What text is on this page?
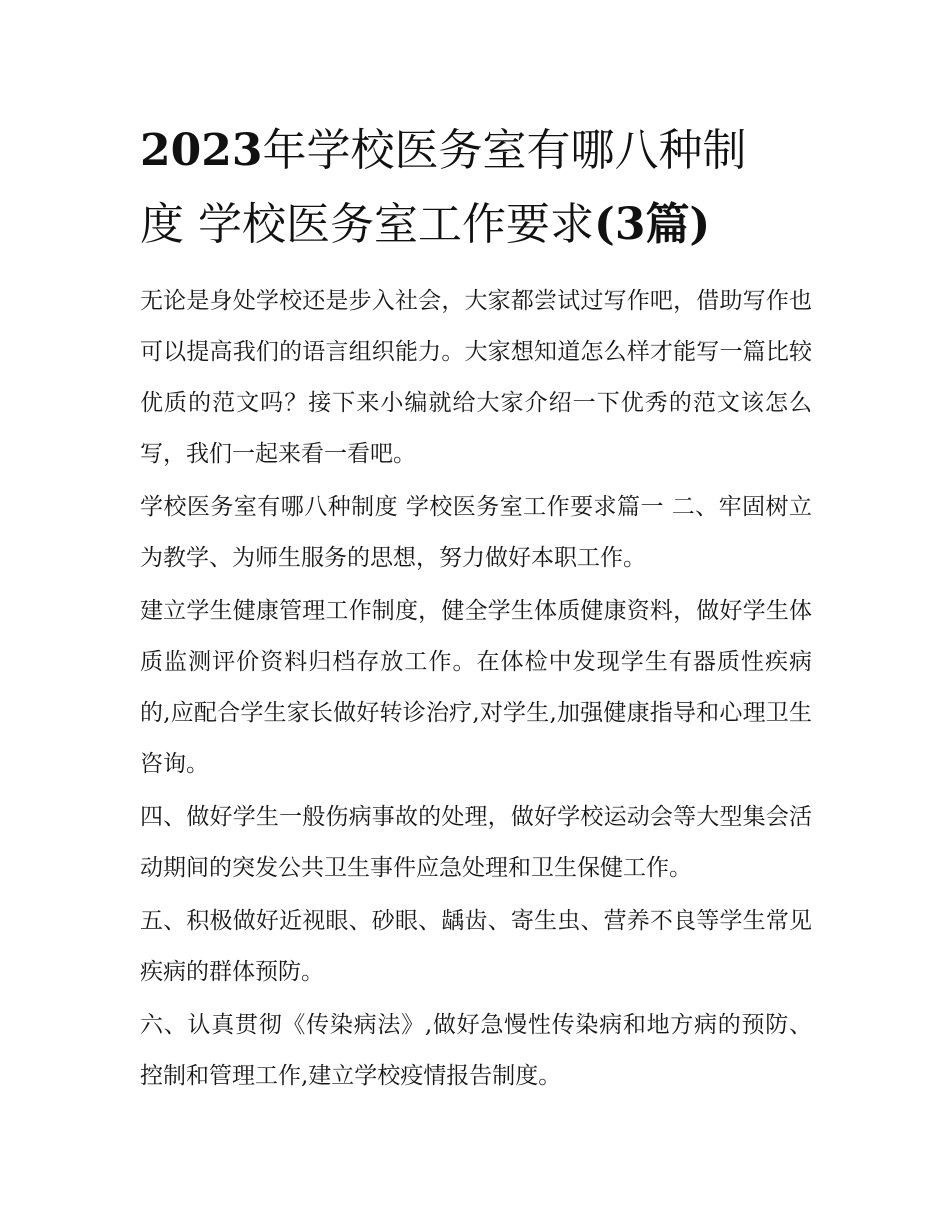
2023年学校医务室有哪八种制
度 学校医务室工作要求(3篇)

无论是身处学校还是步入社会，大家都尝试过写作吧，借助写作也可以提高我们的语言组织能力。大家想知道怎么样才能写一篇比较优质的范文吗？接下来小编就给大家介绍一下优秀的范文该怎么写，我们一起来看一看吧。

学校医务室有哪八种制度 学校医务室工作要求篇一 二、牢固树立为教学、为师生服务的思想，努力做好本职工作。

建立学生健康管理工作制度，健全学生体质健康资料，做好学生体质监测评价资料归档存放工作。在体检中发现学生有器质性疾病的,应配合学生家长做好转诊治疗,对学生,加强健康指导和心理卫生咨询。

四、做好学生一般伤病事故的处理，做好学校运动会等大型集会活动期间的突发公共卫生事件应急处理和卫生保健工作。

五、积极做好近视眼、砂眼、龋齿、寄生虫、营养不良等学生常见疾病的群体预防。

六、认真贯彻《传染病法》,做好急慢性传染病和地方病的预防、控制和管理工作,建立学校疫情报告制度。
